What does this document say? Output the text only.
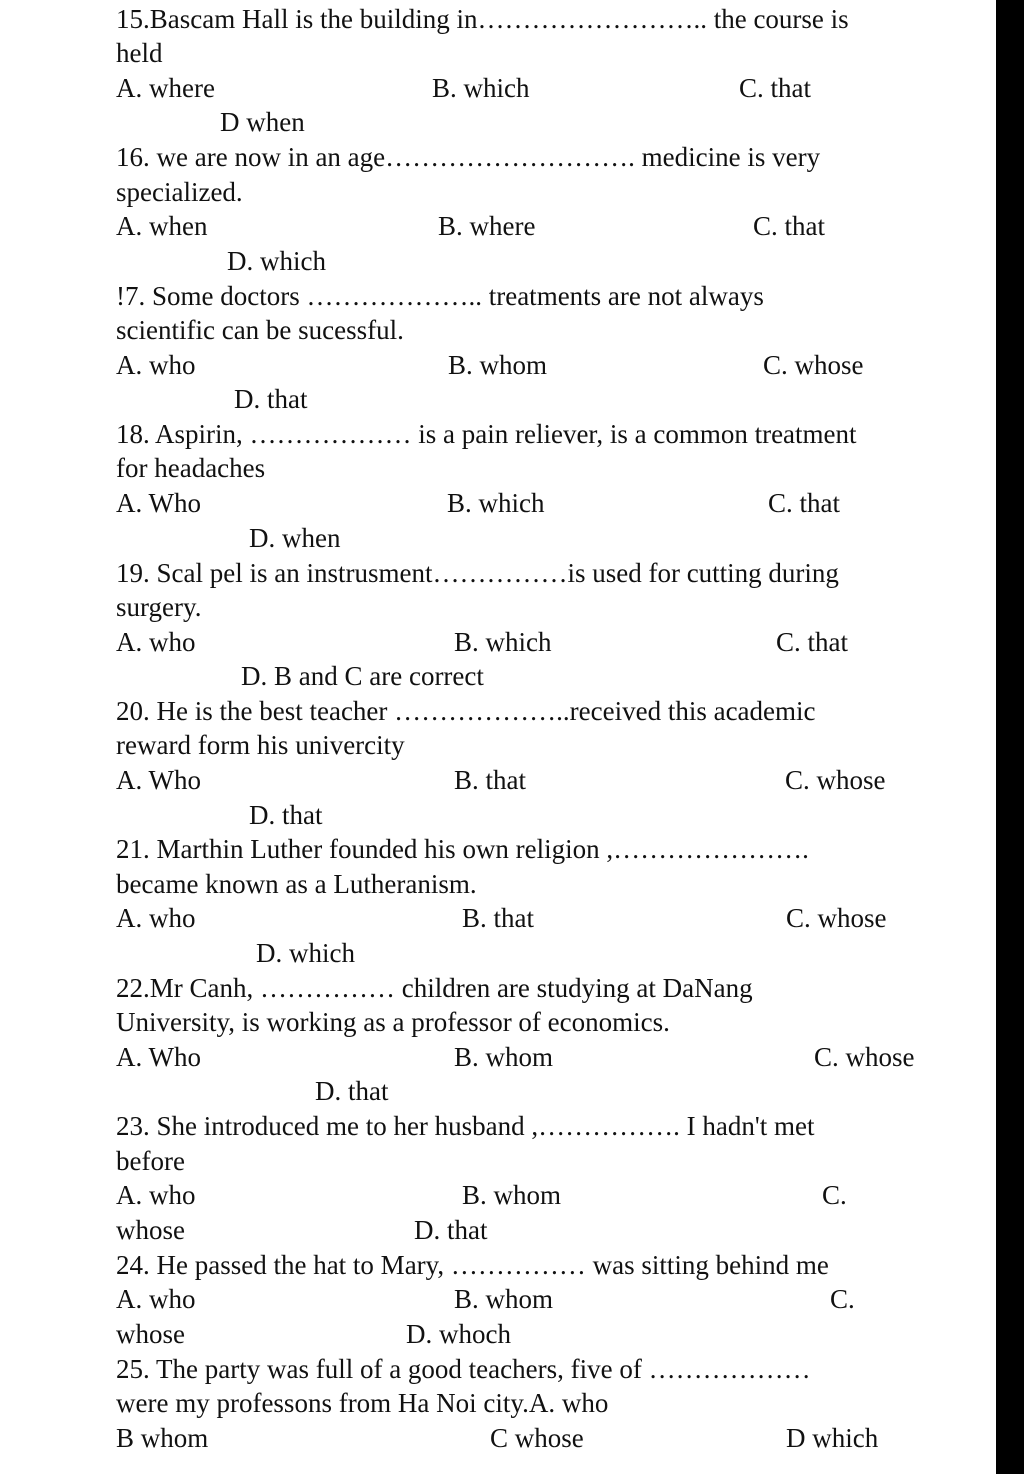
15.Bascam Hall is the building in…………………….. the course is

held

A. where	B. which	C. that

D when

16. we are now in an age………………………. medicine is very

specialized.

A. when	B. where	C. that

D. which

!7. Some doctors ……………….. treatments are not always

scientific can be sucessful.

A. who	B. whom	C. whose

D. that

18. Aspirin, ……………… is a pain reliever, is a common treatment

for headaches

A. Who	B. which	C. that

D. when

19. Scal pel is an instrusment……………is used for cutting during

surgery.

A. who	B. which	C. that

D. B and C are correct

20. He is the best teacher ………………..received this academic

reward form his univercity

A. Who	B. that	C. whose

D. that

21. Marthin Luther founded his own religion ,………………….

became known as a Lutheranism.

A. who	B. that	C. whose

D. which

22.Mr Canh, …………… children are studying at DaNang

University, is working as a professor of economics.

A. Who	B. whom	C. whose

D. that

23. She introduced me to her husband ,……………. I hadn't met

before

A. who	B. whom	C.

whose	D. that

24. He passed the hat to Mary, …………… was sitting behind me

A. who	B. whom	C.

whose	D. whoch

25. The party was full of a good teachers, five of ………………

were my professons from Ha Noi city.A. who

B whom	C whose	D which
